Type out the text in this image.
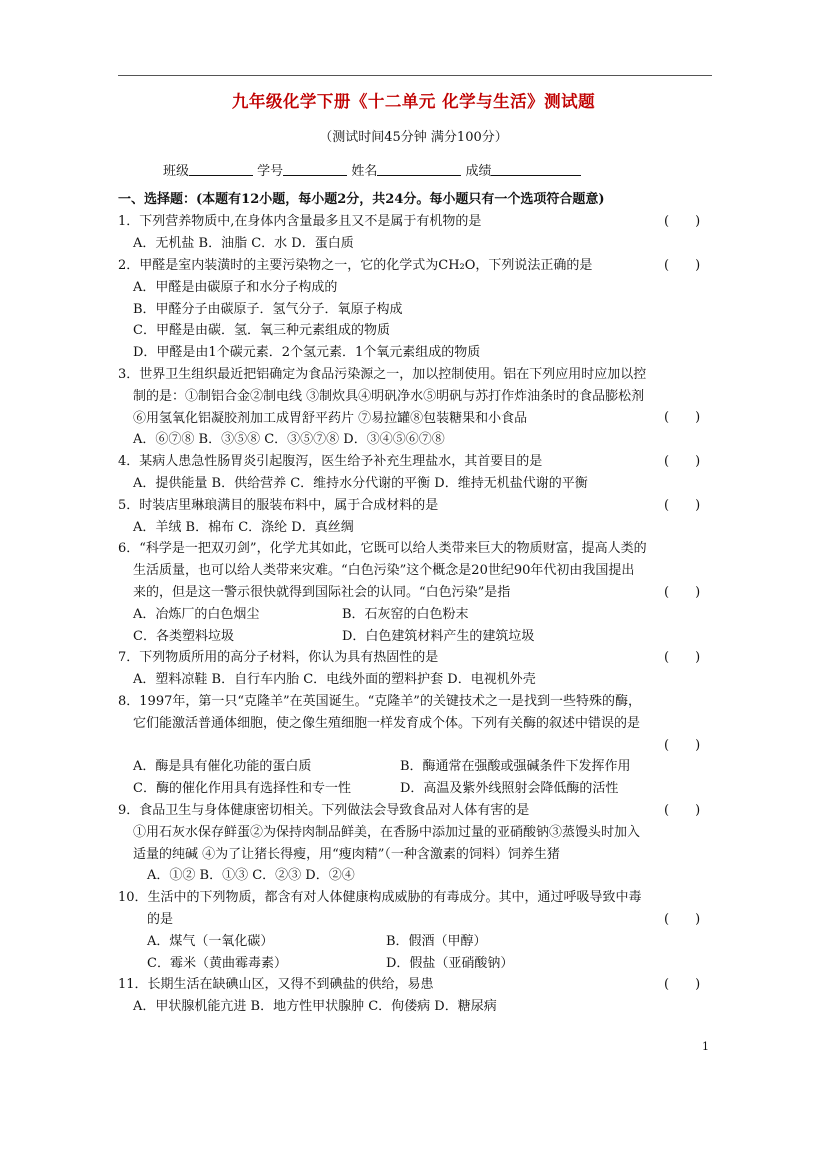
九年级化学下册《十二单元 化学与生活》测试题
（测试时间45分钟 满分100分）
班级	学号	姓名	成绩
一、选择题：(本题有12小题，每小题2分，共24分。每小题只有一个选项符合题意)
1．下列营养物质中,在身体内含量最多且又不是属于有机物的是	(　　)
A．无机盐 B．油脂 C．水 D．蛋白质
2．甲醛是室内装潢时的主要污染物之一，它的化学式为CH₂O，下列说法正确的是	(　　)
A．甲醛是由碳原子和水分子构成的
B．甲醛分子由碳原子．氢气分子．氧原子构成
C．甲醛是由碳．氢．氧三种元素组成的物质
D．甲醛是由1个碳元素．2个氢元素．1个氧元素组成的物质
3．世界卫生组织最近把铝确定为食品污染源之一，加以控制使用。铝在下列应用时应加以控
制的是：①制铝合金②制电线 ③制炊具④明矾净水⑤明矾与苏打作炸油条时的食品膨松剂
⑥用氢氧化铝凝胶剂加工成胃舒平药片 ⑦易拉罐⑧包装糖果和小食品
A．⑥⑦⑧ B．③⑤⑧ C．③⑤⑦⑧ D．③④⑤⑥⑦⑧
(　　)
4．某病人患急性肠胃炎引起腹泻，医生给予补充生理盐水，其首要目的是	(　　)
A．提供能量 B．供给营养 C．维持水分代谢的平衡 D．维持无机盐代谢的平衡
5．时装店里琳琅满目的服装布料中，属于合成材料的是	(　　)
A．羊绒 B．棉布 C．涤纶 D．真丝绸
6．“科学是一把双刃剑”，化学尤其如此，它既可以给人类带来巨大的物质财富，提高人类的
生活质量，也可以给人类带来灾难。“白色污染”这个概念是20世纪90年代初由我国提出
来的，但是这一警示很快就得到国际社会的认同。“白色污染”是指	(　　)
A．冶炼厂的白色烟尘	B．石灰窑的白色粉末
C．各类塑料垃圾	D．白色建筑材料产生的建筑垃圾
7．下列物质所用的高分子材料，你认为具有热固性的是	(　　)
A．塑料凉鞋 B．自行车内胎 C．电线外面的塑料护套 D．电视机外壳
8．1997年，第一只“克隆羊”在英国诞生。“克隆羊”的关键技术之一是找到一些特殊的酶，
它们能激活普通体细胞，使之像生殖细胞一样发育成个体。下列有关酶的叙述中错误的是
(　　)
A．酶是具有催化功能的蛋白质	B．酶通常在强酸或强碱条件下发挥作用
C．酶的催化作用具有选择性和专一性	D．高温及紫外线照射会降低酶的活性
9．食品卫生与身体健康密切相关。下列做法会导致食品对人体有害的是	(　　)
①用石灰水保存鲜蛋②为保持肉制品鲜美，在香肠中添加过量的亚硝酸钠③蒸馒头时加入
适量的纯碱 ④为了让猪长得瘦，用“瘦肉精”（一种含激素的饲料）饲养生猪
A．①② B．①③ C．②③ D．②④
10．生活中的下列物质，都含有对人体健康构成威胁的有毒成分。其中，通过呼吸导致中毒
的是	(　　)
A．煤气（一氧化碳）	B．假酒（甲醇）
C．霉米（黄曲霉毒素）	D．假盐（亚硝酸钠）
11．长期生活在缺碘山区，又得不到碘盐的供给，易患	(　　)
A．甲状腺机能亢进 B．地方性甲状腺肿 C．佝偻病 D．糖尿病
1
